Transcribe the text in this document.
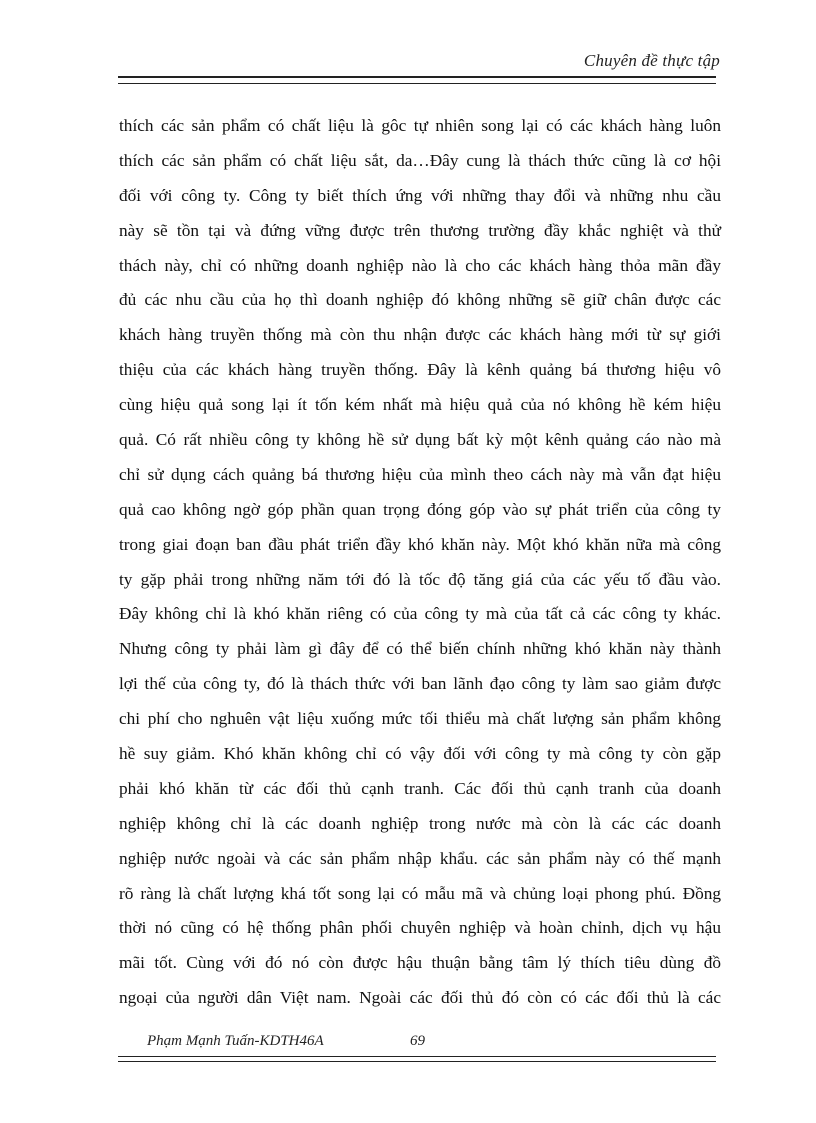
Chuyên đề thực tập
thích các sản phẩm có chất liệu là gôc tự nhiên song lại có các khách hàng luôn
thích các sản phẩm có chất liệu sắt, da…Đây cung là thách thức cũng là cơ hội
đối với công ty. Công ty biết thích ứng với những thay đổi và những nhu cầu
này sẽ tồn tại và đứng vững được trên thương trường đầy khắc nghiệt và thử
thách này, chỉ có những doanh nghiệp nào là cho các khách hàng thỏa mãn đầy
đủ các nhu cầu của họ thì doanh nghiệp đó không những sẽ giữ chân được các
khách hàng truyền thống mà còn thu nhận được các khách hàng mới từ sự giới
thiệu của các khách hàng truyền thống. Đây là kênh quảng bá thương hiệu vô
cùng hiệu quả song lại ít tốn kém nhất mà hiệu quả của nó không hề kém hiệu
quả. Có rất nhiều công ty không hề sử dụng bất kỳ một kênh quảng cáo nào mà
chỉ sử dụng cách quảng bá thương hiệu của mình theo cách này mà vẫn đạt hiệu
quả cao không ngờ góp phần quan trọng đóng góp vào sự phát triển của công ty
trong giai đoạn ban đầu phát triển đầy khó khăn này. Một khó khăn nữa mà công
ty gặp phải trong những năm tới đó là tốc độ tăng giá của các yếu tố đầu vào.
Đây không chỉ là khó khăn riêng có của công ty mà của tất cả các công ty khác.
Nhưng công ty phải làm gì đây để có thể biến chính những khó khăn này thành
lợi thế của công ty, đó là thách thức với ban lãnh đạo công ty làm sao giảm được
chi phí cho nghuên vật liệu xuống mức tối thiểu mà chất lượng sản phẩm không
hề suy giảm. Khó khăn không chỉ có vậy đối với công ty mà công ty còn gặp
phải khó khăn từ các đối thủ cạnh tranh. Các đối thủ cạnh tranh của doanh
nghiệp không chỉ là các doanh nghiệp trong nước mà còn là các các doanh
nghiệp nước ngoài và các sản phẩm nhập khẩu. các sản phẩm này có thế mạnh
rõ ràng là chất lượng khá tốt song lại có mẫu mã và chủng loại phong phú. Đồng
thời nó cũng có hệ thống phân phối chuyên nghiệp và hoàn chỉnh, dịch vụ hậu
mãi tốt. Cùng với đó nó còn được hậu thuận bằng tâm lý thích tiêu dùng đồ
ngoại của người dân Việt nam. Ngoài các đối thủ đó còn có các đối thủ là các
Phạm Mạnh Tuấn-KDTH46A	69
